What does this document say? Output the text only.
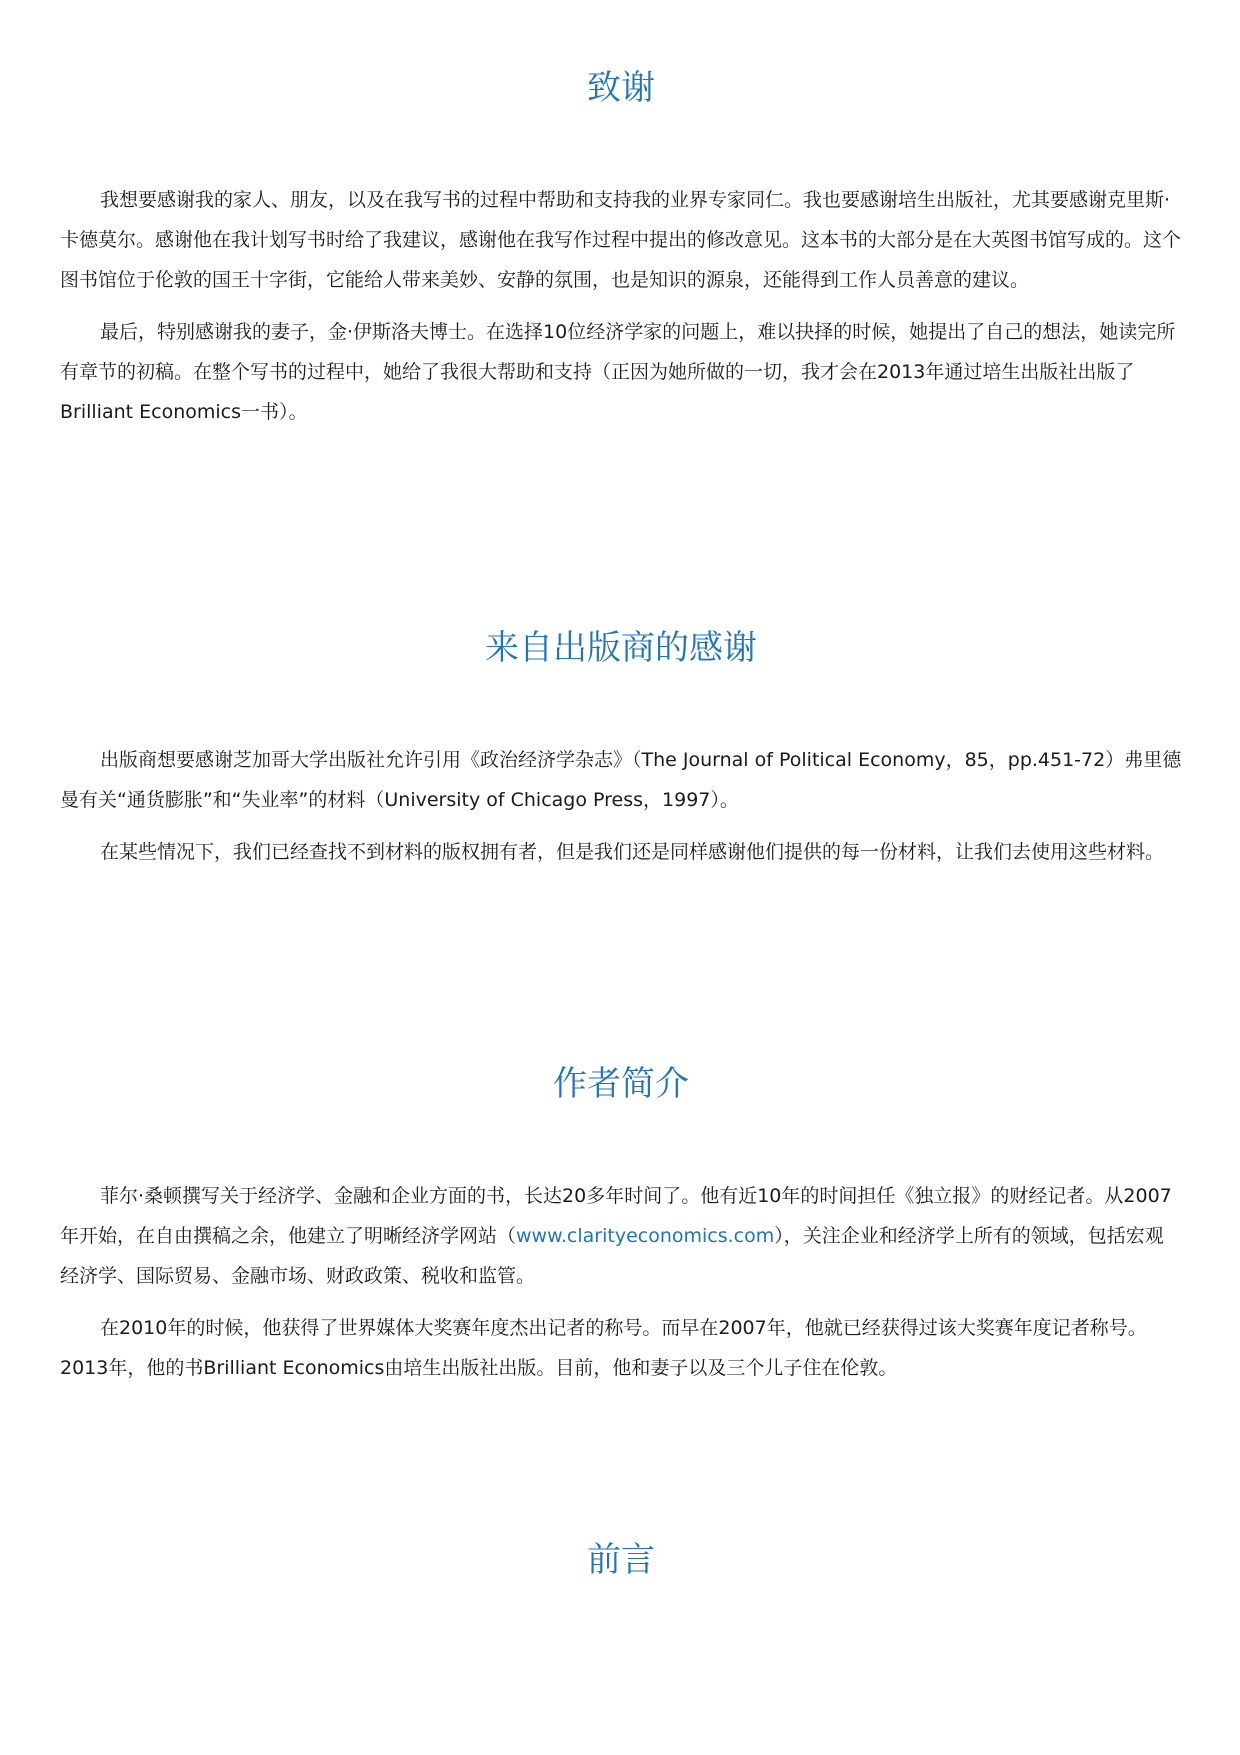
致谢

我想要感谢我的家人、朋友，以及在我写书的过程中帮助和支持我的业界专家同仁。我也要感谢培生出版社，尤其要感谢克里斯·卡德莫尔。感谢他在我计划写书时给了我建议，感谢他在我写作过程中提出的修改意见。这本书的大部分是在大英图书馆写成的。这个图书馆位于伦敦的国王十字街，它能给人带来美妙、安静的氛围，也是知识的源泉，还能得到工作人员善意的建议。

最后，特别感谢我的妻子，金·伊斯洛夫博士。在选择10位经济学家的问题上，难以抉择的时候，她提出了自己的想法，她读完所有章节的初稿。在整个写书的过程中，她给了我很大帮助和支持（正因为她所做的一切，我才会在2013年通过培生出版社出版了Brilliant Economics一书）。

来自出版商的感谢

出版商想要感谢芝加哥大学出版社允许引用《政治经济学杂志》（The Journal of Political Economy，85，pp.451-72）弗里德曼有关“通货膨胀”和“失业率”的材料（University of Chicago Press，1997）。

在某些情况下，我们已经查找不到材料的版权拥有者，但是我们还是同样感谢他们提供的每一份材料，让我们去使用这些材料。

作者简介

菲尔·桑顿撰写关于经济学、金融和企业方面的书，长达20多年时间了。他有近10年的时间担任《独立报》的财经记者。从2007年开始，在自由撰稿之余，他建立了明晰经济学网站（www.clarityeconomics.com），关注企业和经济学上所有的领域，包括宏观经济学、国际贸易、金融市场、财政政策、税收和监管。

在2010年的时候，他获得了世界媒体大奖赛年度杰出记者的称号。而早在2007年，他就已经获得过该大奖赛年度记者称号。2013年，他的书Brilliant Economics由培生出版社出版。目前，他和妻子以及三个儿子住在伦敦。

前言
